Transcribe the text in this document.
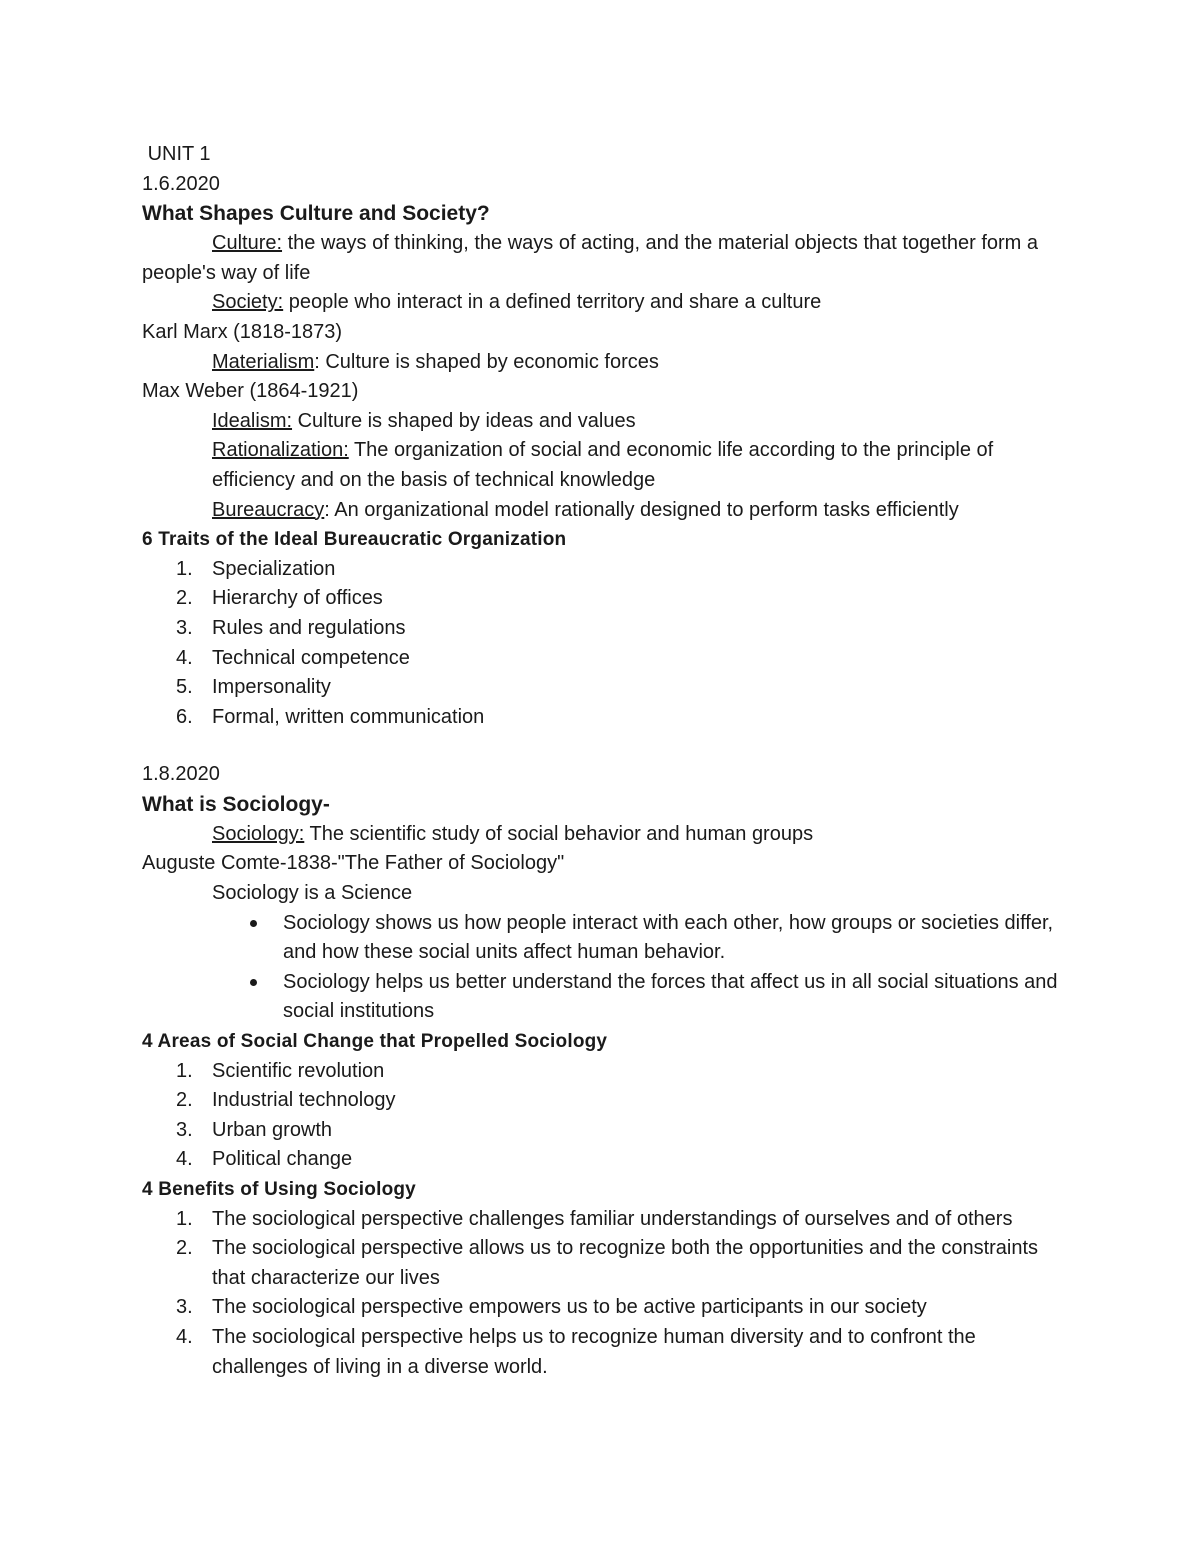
UNIT 1

1.6.2020

What Shapes Culture and Society?

Culture: the ways of thinking, the ways of acting, and the material objects that together form a people's way of life

Society: people who interact in a defined territory and share a culture

Karl Marx (1818-1873)

Materialism: Culture is shaped by economic forces

Max Weber (1864-1921)

Idealism: Culture is shaped by ideas and values

Rationalization: The organization of social and economic life according to the principle of efficiency and on the basis of technical knowledge

Bureaucracy: An organizational model rationally designed to perform tasks efficiently

6 Traits of the Ideal Bureaucratic Organization

1. Specialization
2. Hierarchy of offices
3. Rules and regulations
4. Technical competence
5. Impersonality
6. Formal, written communication

1.8.2020

What is Sociology-

Sociology: The scientific study of social behavior and human groups

Auguste Comte-1838-"The Father of Sociology"

Sociology is a Science

Sociology shows us how people interact with each other, how groups or societies differ, and how these social units affect human behavior.
Sociology helps us better understand the forces that affect us in all social situations and social institutions

4 Areas of Social Change that Propelled Sociology

1. Scientific revolution
2. Industrial technology
3. Urban growth
4. Political change

4 Benefits of Using Sociology

1. The sociological perspective challenges familiar understandings of ourselves and of others
2. The sociological perspective allows us to recognize both the opportunities and the constraints that characterize our lives
3. The sociological perspective empowers us to be active participants in our society
4. The sociological perspective helps us to recognize human diversity and to confront the challenges of living in a diverse world.
